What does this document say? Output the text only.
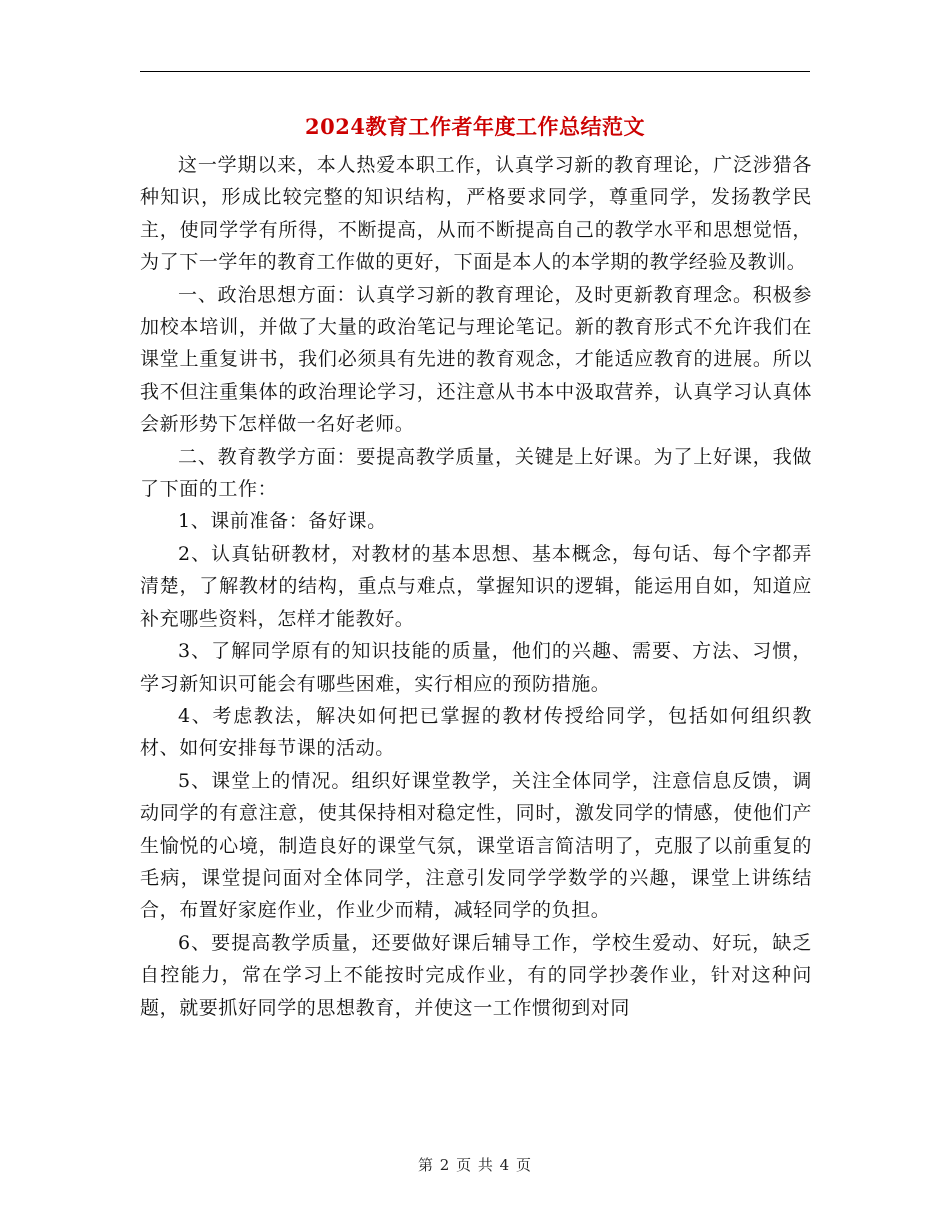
2024教育工作者年度工作总结范文

这一学期以来，本人热爱本职工作，认真学习新的教育理论，广泛涉猎各种知识，形成比较完整的知识结构，严格要求同学，尊重同学，发扬教学民主，使同学学有所得，不断提高，从而不断提高自己的教学水平和思想觉悟，为了下一学年的教育工作做的更好，下面是本人的本学期的教学经验及教训。

一、政治思想方面：认真学习新的教育理论，及时更新教育理念。积极参加校本培训，并做了大量的政治笔记与理论笔记。新的教育形式不允许我们在课堂上重复讲书，我们必须具有先进的教育观念，才能适应教育的进展。所以我不但注重集体的政治理论学习，还注意从书本中汲取营养，认真学习认真体会新形势下怎样做一名好老师。

二、教育教学方面：要提高教学质量，关键是上好课。为了上好课，我做了下面的工作：

1、课前准备：备好课。

2、认真钻研教材，对教材的基本思想、基本概念，每句话、每个字都弄清楚，了解教材的结构，重点与难点，掌握知识的逻辑，能运用自如，知道应补充哪些资料，怎样才能教好。

3、了解同学原有的知识技能的质量，他们的兴趣、需要、方法、习惯，学习新知识可能会有哪些困难，实行相应的预防措施。

4、考虑教法，解决如何把已掌握的教材传授给同学，包括如何组织教材、如何安排每节课的活动。

5、课堂上的情况。组织好课堂教学，关注全体同学，注意信息反馈，调动同学的有意注意，使其保持相对稳定性，同时，激发同学的情感，使他们产生愉悦的心境，制造良好的课堂气氛，课堂语言简洁明了，克服了以前重复的毛病，课堂提问面对全体同学，注意引发同学学数学的兴趣，课堂上讲练结合，布置好家庭作业，作业少而精，减轻同学的负担。

6、要提高教学质量，还要做好课后辅导工作，学校生爱动、好玩，缺乏自控能力，常在学习上不能按时完成作业，有的同学抄袭作业，针对这种问题，就要抓好同学的思想教育，并使这一工作惯彻到对同

第 2 页 共 4 页
